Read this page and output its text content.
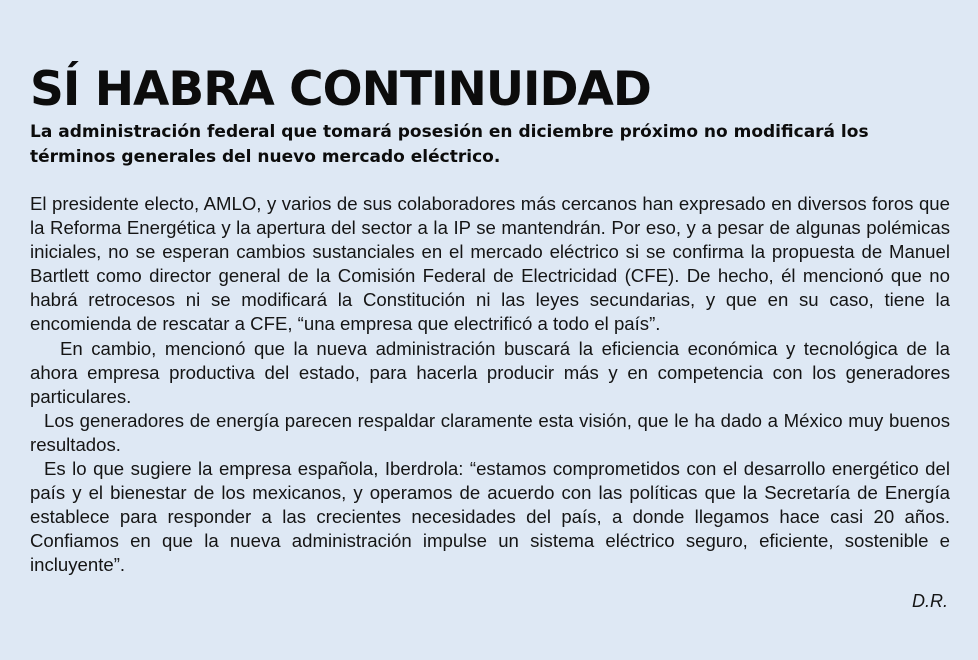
SÍ HABRA CONTINUIDAD

La administración federal que tomará posesión en diciembre próximo no modificará los términos generales del nuevo mercado eléctrico.

El presidente electo, AMLO, y varios de sus colaboradores más cercanos han expresado en diversos foros que la Reforma Energética y la apertura del sector a la IP se mantendrán. Por eso, y a pesar de algunas polémicas iniciales, no se esperan cambios sustanciales en el mercado eléctrico si se confirma la propuesta de Manuel Bartlett como director general de la Comisión Federal de Electricidad (CFE). De hecho, él mencionó que no habrá retrocesos ni se modificará la Constitución ni las leyes secundarias, y que en su caso, tiene la encomienda de rescatar a CFE, “una empresa que electrificó a todo el país”.

En cambio, mencionó que la nueva administración buscará la eficiencia económica y tecnológica de la ahora empresa productiva del estado, para hacerla producir más y en competencia con los generadores particulares.

Los generadores de energía parecen respaldar claramente esta visión, que le ha dado a México muy buenos resultados.

Es lo que sugiere la empresa española, Iberdrola: “estamos comprometidos con el desarrollo energético del país y el bienestar de los mexicanos, y operamos de acuerdo con las políticas que la Secretaría de Energía establece para responder a las crecientes necesidades del país, a donde llegamos hace casi 20 años. Confiamos en que la nueva administración impulse un sistema eléctrico seguro, eficiente, sostenible e incluyente”.

D.R.
